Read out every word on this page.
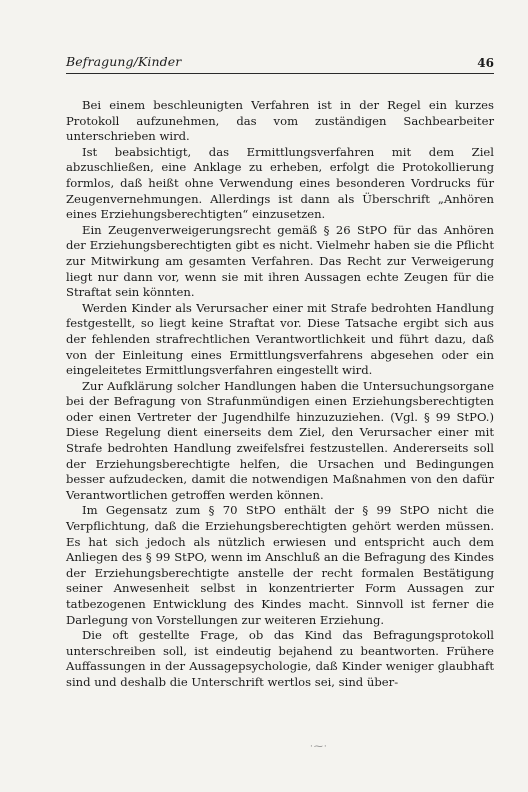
Befragung/Kinder	46

Bei einem beschleunigten Verfahren ist in der Regel ein kurzes Protokoll aufzunehmen, das vom zuständigen Sachbearbeiter unterschrieben wird.

Ist beabsichtigt, das Ermittlungsverfahren mit dem Ziel abzuschließen, eine Anklage zu erheben, erfolgt die Protokollierung formlos, daß heißt ohne Verwendung eines besonderen Vordrucks für Zeugenvernehmungen. Allerdings ist dann als Überschrift „Anhören eines Erziehungsberechtigten“ einzusetzen.

Ein Zeugenverweigerungsrecht gemäß § 26 StPO für das Anhören der Erziehungsberechtigten gibt es nicht. Vielmehr haben sie die Pflicht zur Mitwirkung am gesamten Verfahren. Das Recht zur Verweigerung liegt nur dann vor, wenn sie mit ihren Aussagen echte Zeugen für die Straftat sein könnten.

Werden Kinder als Verursacher einer mit Strafe bedrohten Handlung festgestellt, so liegt keine Straftat vor. Diese Tatsache ergibt sich aus der fehlenden strafrechtlichen Verantwortlichkeit und führt dazu, daß von der Einleitung eines Ermittlungsverfahrens abgesehen oder ein eingeleitetes Ermittlungsverfahren eingestellt wird.

Zur Aufklärung solcher Handlungen haben die Untersuchungsorgane bei der Befragung von Strafunmündigen einen Erziehungsberechtigten oder einen Vertreter der Jugendhilfe hinzuzuziehen. (Vgl. § 99 StPO.) Diese Regelung dient einerseits dem Ziel, den Verursacher einer mit Strafe bedrohten Handlung zweifelsfrei festzustellen. Andererseits soll der Erziehungsberechtigte helfen, die Ursachen und Bedingungen besser aufzudecken, damit die notwendigen Maßnahmen von den dafür Verantwortlichen getroffen werden können.

Im Gegensatz zum § 70 StPO enthält der § 99 StPO nicht die Verpflichtung, daß die Erziehungsberechtigten gehört werden müssen. Es hat sich jedoch als nützlich erwiesen und entspricht auch dem Anliegen des § 99 StPO, wenn im Anschluß an die Befragung des Kindes der Erziehungsberechtigte anstelle der recht formalen Bestätigung seiner Anwesenheit selbst in konzentrierter Form Aussagen zur tatbezogenen Entwicklung des Kindes macht. Sinnvoll ist ferner die Darlegung von Vorstellungen zur weiteren Erziehung.

Die oft gestellte Frage, ob das Kind das Befragungsprotokoll unterschreiben soll, ist eindeutig bejahend zu beantworten. Frühere Auffassungen in der Aussagepsychologie, daß Kinder weniger glaubhaft sind und deshalb die Unterschrift wertlos sei, sind über-

·⁓·
